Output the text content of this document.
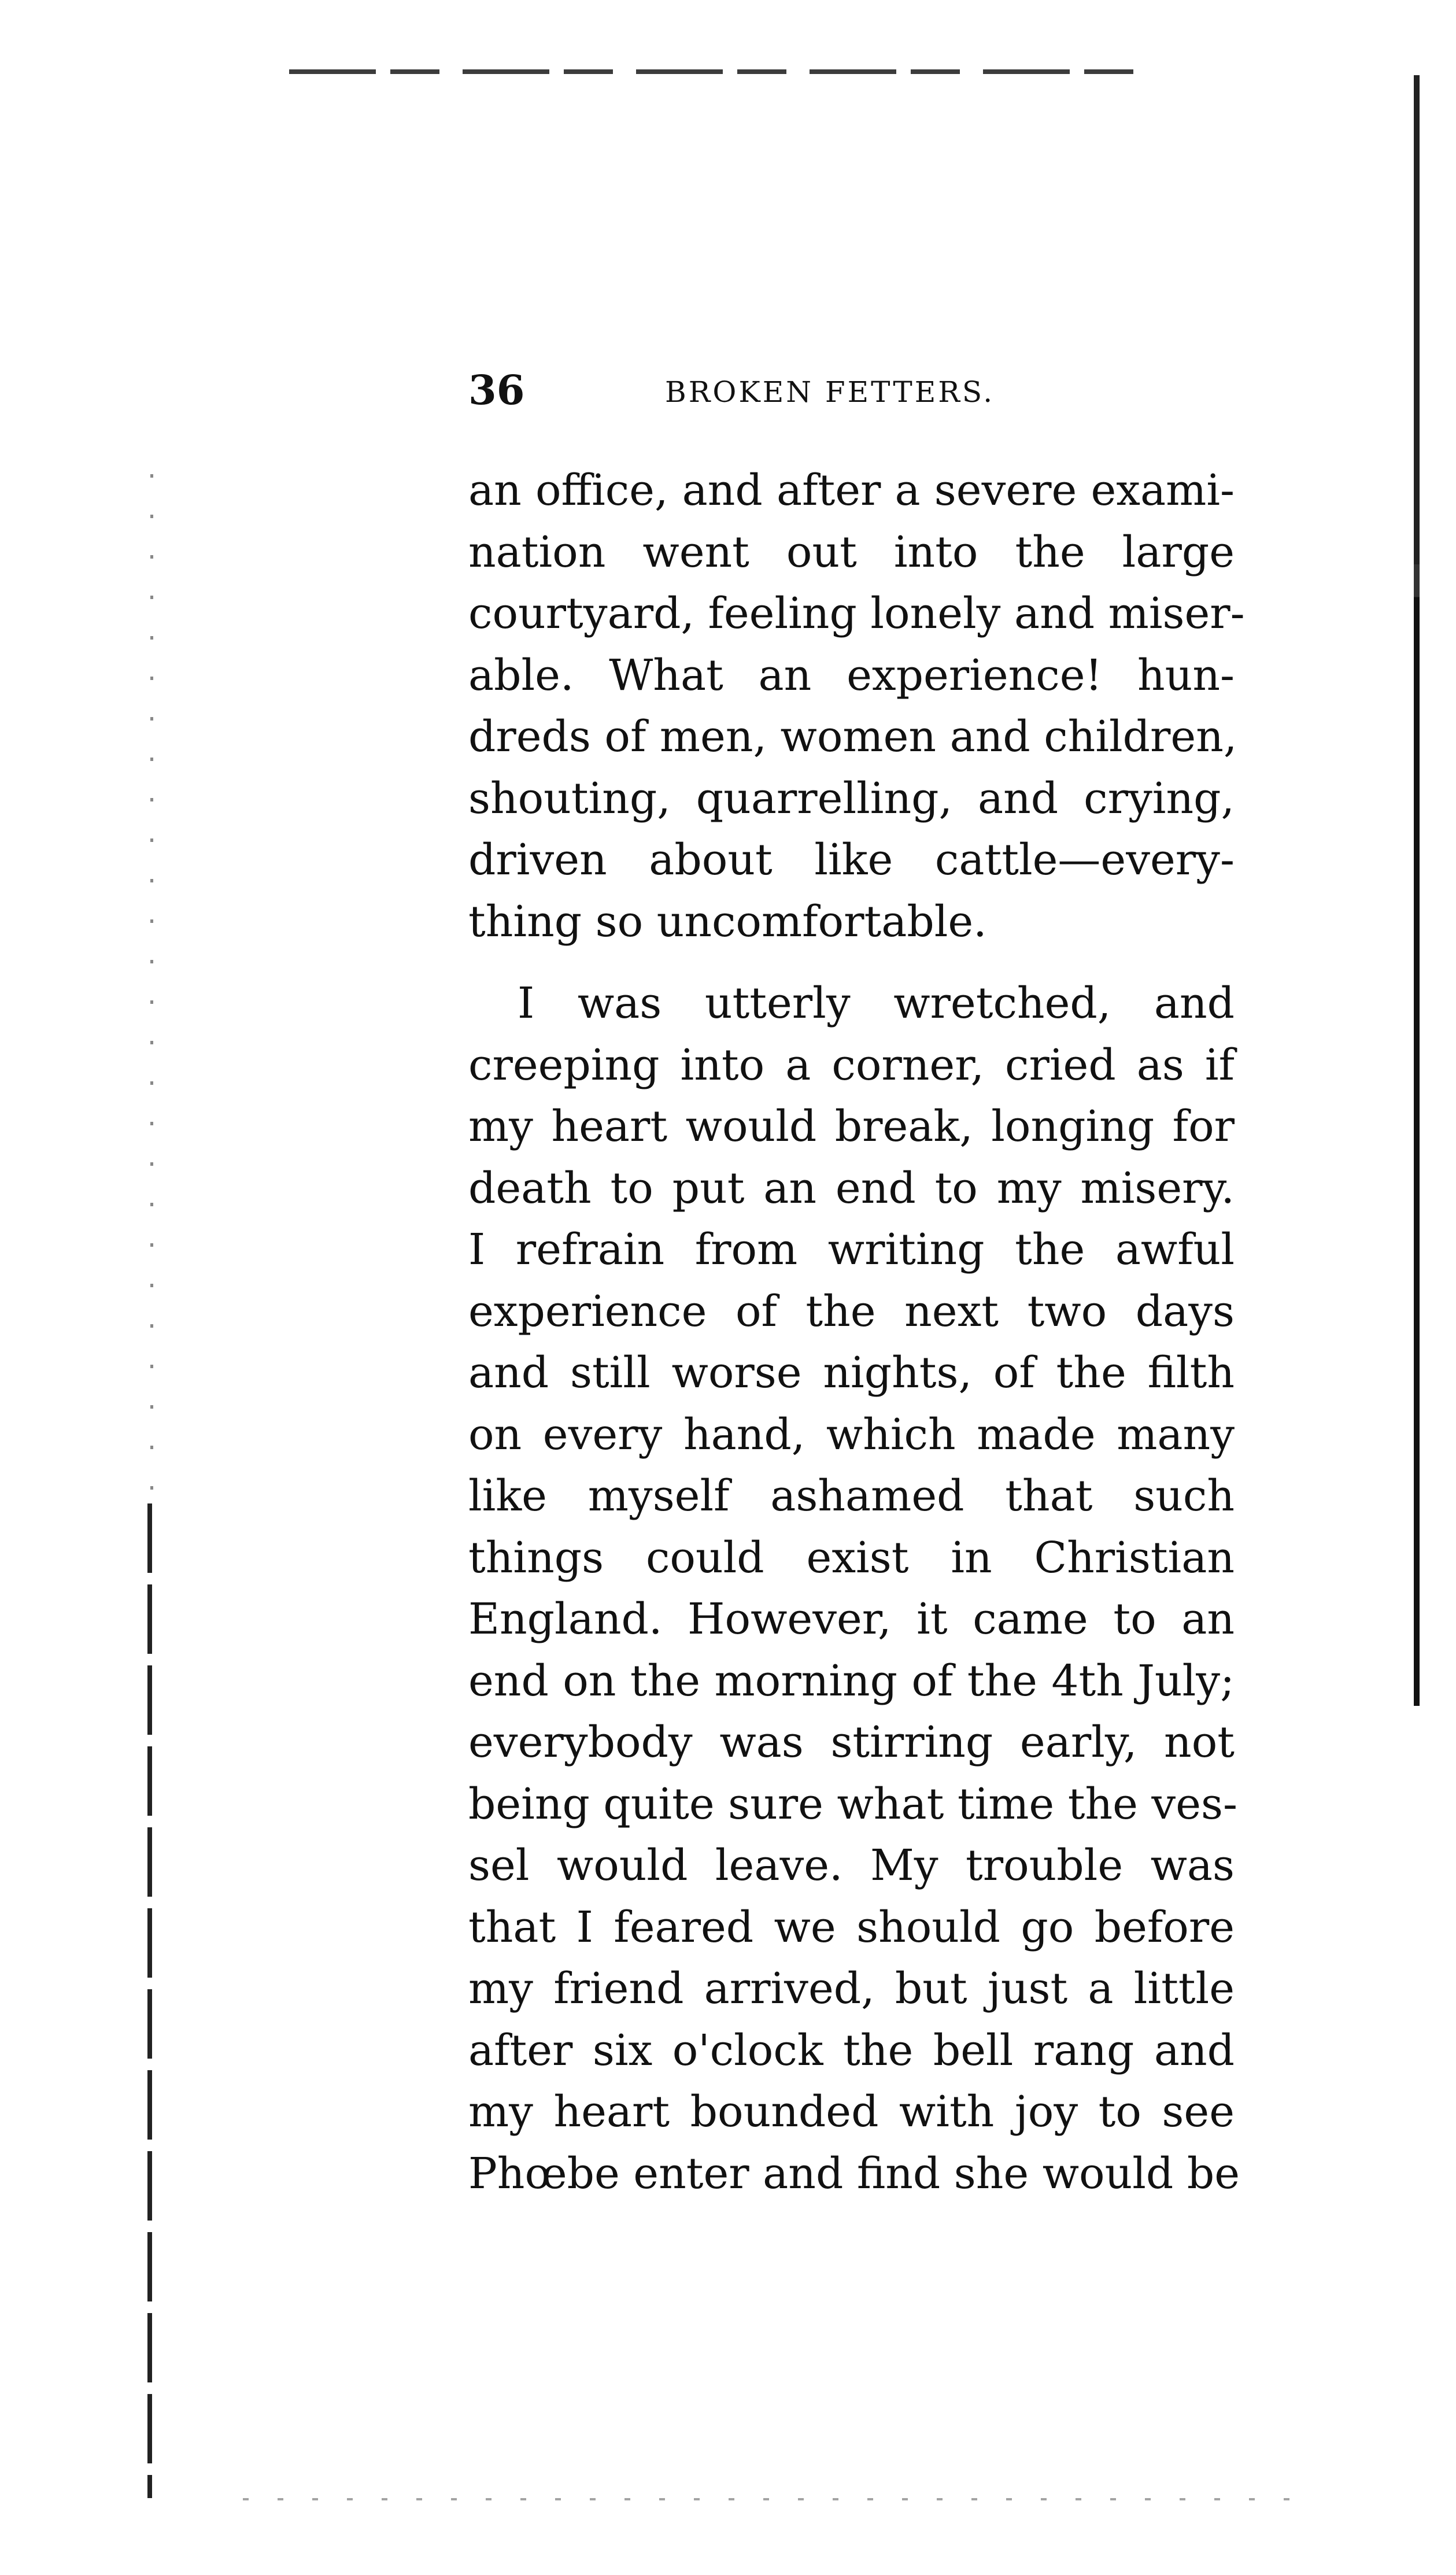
36	BROKEN FETTERS.
an office, and after a severe exami-
nation went out into the large
courtyard, feeling lonely and miser-
able. What an experience! hun-
dreds of men, women and children,
shouting, quarrelling, and crying,
driven about like cattle—every-
thing so uncomfortable.
I was utterly wretched, and
creeping into a corner, cried as if
my heart would break, longing for
death to put an end to my misery.
I refrain from writing the awful
experience of the next two days
and still worse nights, of the filth
on every hand, which made many
like myself ashamed that such
things could exist in Christian
England. However, it came to an
end on the morning of the 4th July;
everybody was stirring early, not
being quite sure what time the ves-
sel would leave. My trouble was
that I feared we should go before
my friend arrived, but just a little
after six o'clock the bell rang and
my heart bounded with joy to see
Phœbe enter and find she would be
